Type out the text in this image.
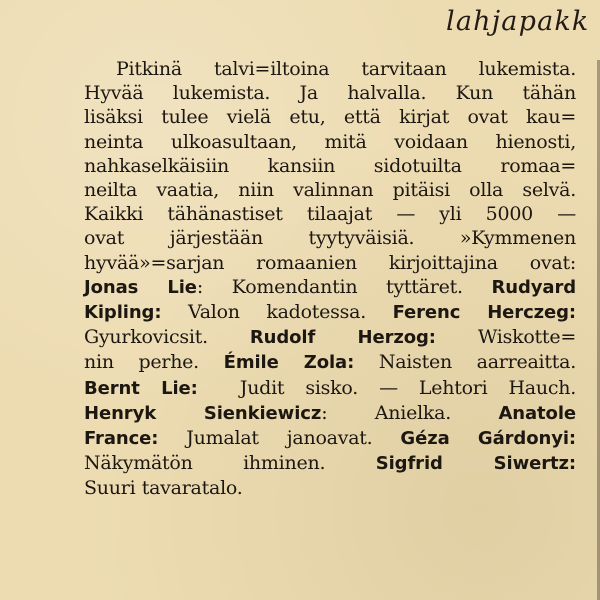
lahjapakk
Pitkinä talvi=iltoina tarvitaan lukemista.
Hyvää lukemista. Ja halvalla. Kun tähän
lisäksi tulee vielä etu, että kirjat ovat kau=
neinta ulkoasultaan, mitä voidaan hienosti,
nahkaselkäisiin kansiin sidotuilta romaa=
neilta vaatia, niin valinnan pitäisi olla selvä.
Kaikki tähänastiset tilaajat — yli 5000 —
ovat järjestään tyytyväisiä. »Kymmenen
hyvää»=sarjan romaanien kirjoittajina ovat:
Jonas Lie: Komendantin tyttäret. Rudyard
Kipling: Valon kadotessa. Ferenc Herczeg:
Gyurkovicsit. Rudolf Herzog: Wiskotte=
nin perhe. Émile Zola: Naisten aarreaitta.
Bernt Lie:  Judit sisko. — Lehtori Hauch.
Henryk Sienkiewicz: Anielka.	Anatole
France: Jumalat janoavat. Géza Gárdonyi:
Näkymätön ihminen.	Sigfrid Siwertz:
Suuri tavaratalo.
